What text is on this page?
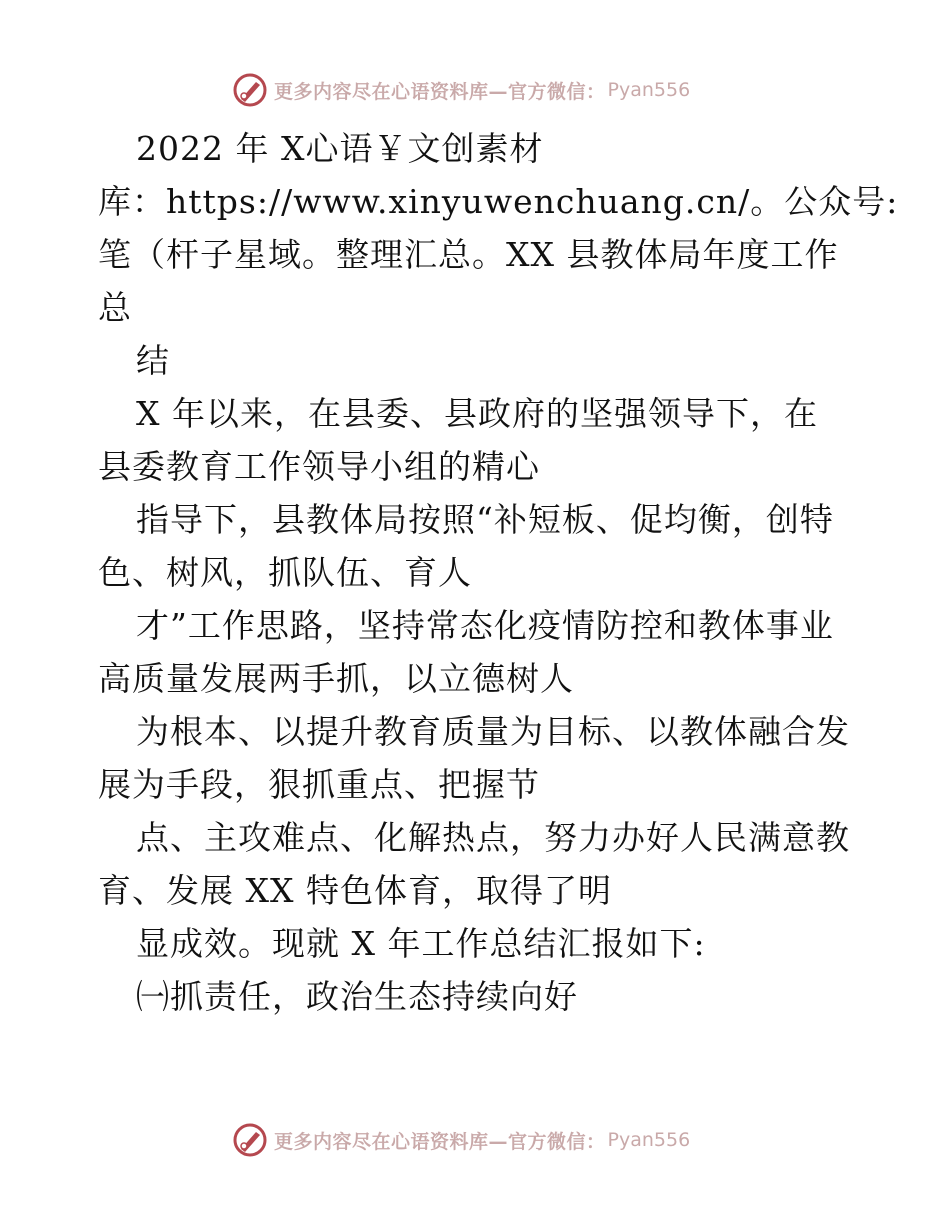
更多内容尽在心语资料库—官方微信： Pyan556
2022 年 X心语￥文创素材
库：https://www.xinyuwenchuang.cn/。公众号:
笔（杆子星域。整理汇总。XX 县教体局年度工作
总
结
X 年以来，在县委、县政府的坚强领导下，在
县委教育工作领导小组的精心
指导下，县教体局按照“补短板、促均衡，创特
色、树风，抓队伍、育人
才”工作思路，坚持常态化疫情防控和教体事业
高质量发展两手抓，以立德树人
为根本、以提升教育质量为目标、以教体融合发
展为手段，狠抓重点、把握节
点、主攻难点、化解热点，努力办好人民满意教
育、发展 XX 特色体育，取得了明
显成效。现就 X 年工作总结汇报如下:
㈠抓责任，政治生态持续向好
更多内容尽在心语资料库—官方微信： Pyan556
